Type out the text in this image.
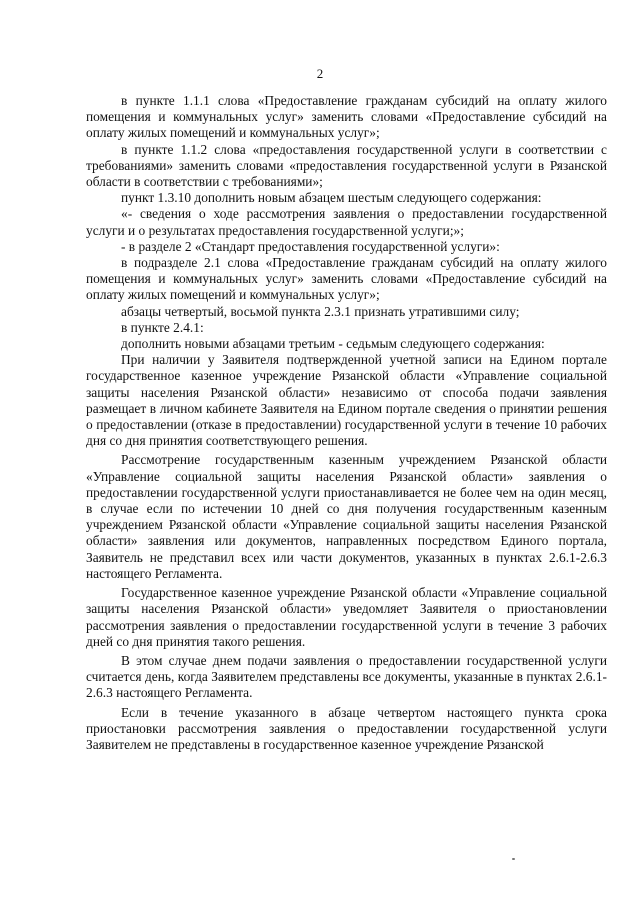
2

в пункте 1.1.1 слова «Предоставление гражданам субсидий на оплату жилого помещения и коммунальных услуг» заменить словами «Предоставление субсидий на оплату жилых помещений и коммунальных услуг»;

в пункте 1.1.2 слова «предоставления государственной услуги в соответствии с требованиями» заменить словами «предоставления государственной услуги в Рязанской области в соответствии с требованиями»;

пункт 1.3.10 дополнить новым абзацем шестым следующего содержания:

«- сведения о ходе рассмотрения заявления о предоставлении государственной услуги и о результатах предоставления государственной услуги;»;

- в разделе 2 «Стандарт предоставления государственной услуги»:

в подразделе 2.1 слова «Предоставление гражданам субсидий на оплату жилого помещения и коммунальных услуг» заменить словами «Предоставление субсидий на оплату жилых помещений и коммунальных услуг»;

абзацы четвертый, восьмой пункта 2.3.1 признать утратившими силу;

в пункте 2.4.1:

дополнить новыми абзацами третьим - седьмым следующего содержания:

При наличии у Заявителя подтвержденной учетной записи на Едином портале государственное казенное учреждение Рязанской области «Управление социальной защиты населения Рязанской области» независимо от способа подачи заявления размещает в личном кабинете Заявителя на Едином портале сведения о принятии решения о предоставлении (отказе в предоставлении) государственной услуги в течение 10 рабочих дня со дня принятия соответствующего решения.

Рассмотрение государственным казенным учреждением Рязанской области «Управление социальной защиты населения Рязанской области» заявления о предоставлении государственной услуги приостанавливается не более чем на один месяц, в случае если по истечении 10 дней со дня получения государственным казенным учреждением Рязанской области «Управление социальной защиты населения Рязанской области» заявления или документов, направленных посредством Единого портала, Заявитель не представил всех или части документов, указанных в пунктах 2.6.1-2.6.3 настоящего Регламента.

Государственное казенное учреждение Рязанской области «Управление социальной защиты населения Рязанской области» уведомляет Заявителя о приостановлении рассмотрения заявления о предоставлении государственной услуги в течение 3 рабочих дней со дня принятия такого решения.

В этом случае днем подачи заявления о предоставлении государственной услуги считается день, когда Заявителем представлены все документы, указанные в пунктах 2.6.1-2.6.3 настоящего Регламента.

Если в течение указанного в абзаце четвертом настоящего пункта срока приостановки рассмотрения заявления о предоставлении государственной услуги Заявителем не представлены в государственное казенное учреждение Рязанской
